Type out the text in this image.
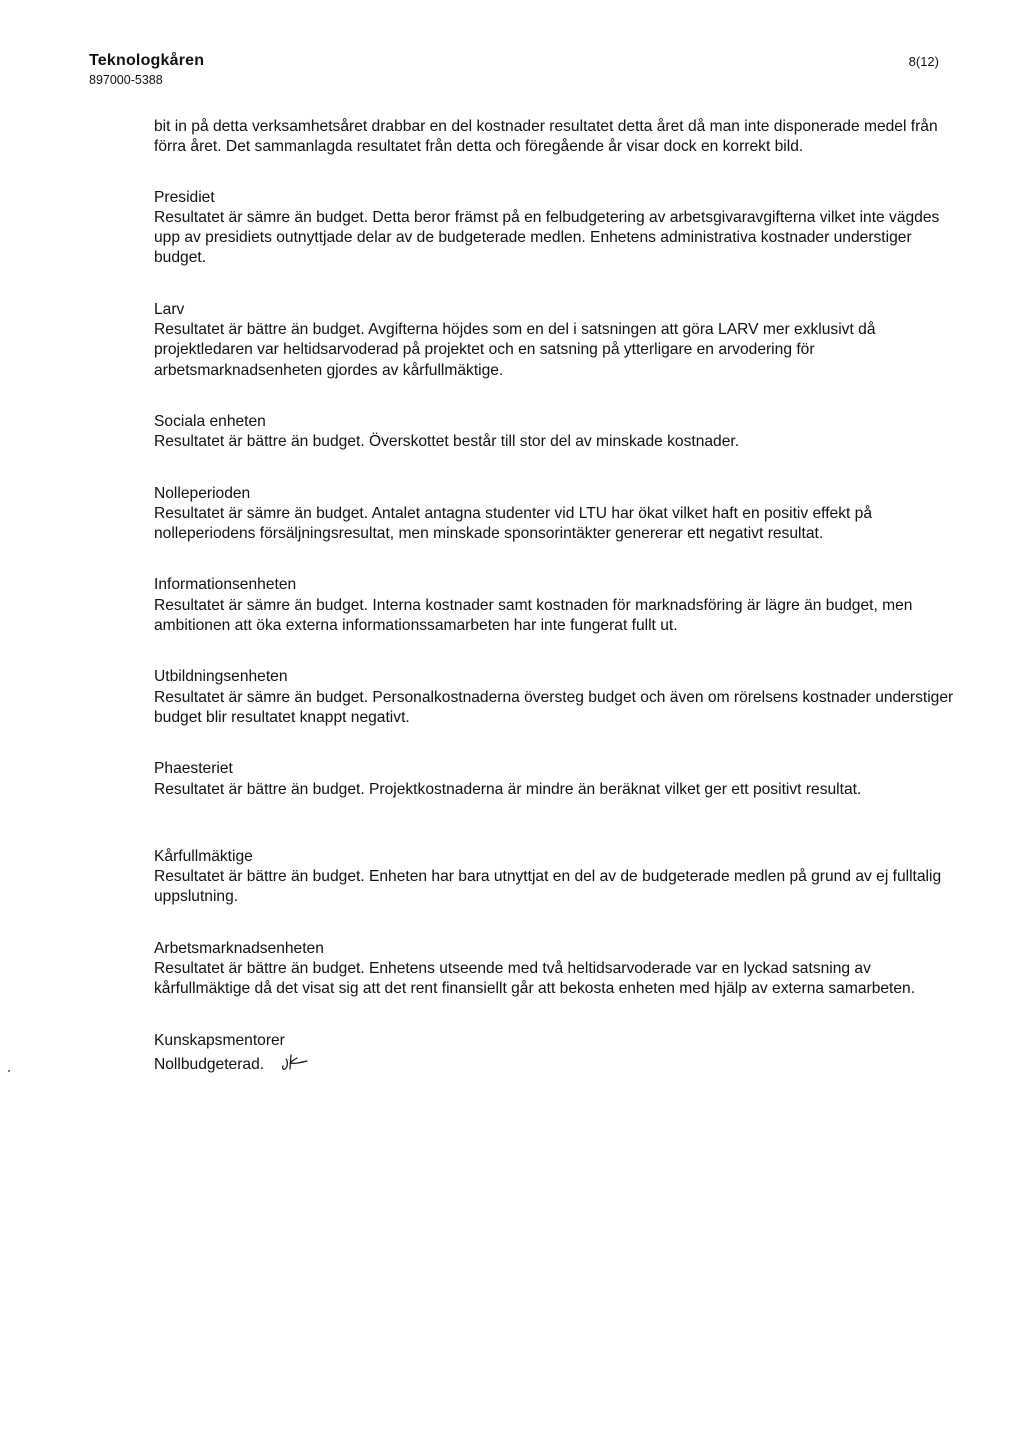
Teknologkåren
897000-5388
8(12)

bit in på detta verksamhetsåret drabbar en del kostnader resultatet detta året då man inte disponerade medel från förra året. Det sammanlagda resultatet från detta och föregående år visar dock en korrekt bild.

Presidiet
Resultatet är sämre än budget. Detta beror främst på en felbudgetering av arbetsgivaravgifterna vilket inte vägdes upp av presidiets outnyttjade delar av de budgeterade medlen. Enhetens administrativa kostnader understiger budget.
Larv
Resultatet är bättre än budget. Avgifterna höjdes som en del i satsningen att göra LARV mer exklusivt då projektledaren var heltidsarvoderad på projektet och en satsning på ytterligare en arvodering för arbetsmarknadsenheten gjordes av kårfullmäktige.
Sociala enheten
Resultatet är bättre än budget. Överskottet består till stor del av minskade kostnader.
Nolleperioden
Resultatet är sämre än budget. Antalet antagna studenter vid LTU har ökat vilket haft en positiv effekt på nolleperiodens försäljningsresultat, men minskade sponsorintäkter genererar ett negativt resultat.
Informationsenheten
Resultatet är sämre än budget. Interna kostnader samt kostnaden för marknadsföring är lägre än budget, men ambitionen att öka externa informationssamarbeten har inte fungerat fullt ut.
Utbildningsenheten
Resultatet är sämre än budget. Personalkostnaderna översteg budget och även om rörelsens kostnader understiger budget blir resultatet knappt negativt.
Phaesteriet
Resultatet är bättre än budget. Projektkostnaderna är mindre än beräknat vilket ger ett positivt resultat.
Kårfullmäktige
Resultatet är bättre än budget. Enheten har bara utnyttjat en del av de budgeterade medlen på grund av ej fulltalig uppslutning.
Arbetsmarknadsenheten
Resultatet är bättre än budget. Enhetens utseende med två heltidsarvoderade var en lyckad satsning av kårfullmäktige då det visat sig att det rent finansiellt går att bekosta enheten med hjälp av externa samarbeten.
Kunskapsmentorer
Nollbudgeterad.
